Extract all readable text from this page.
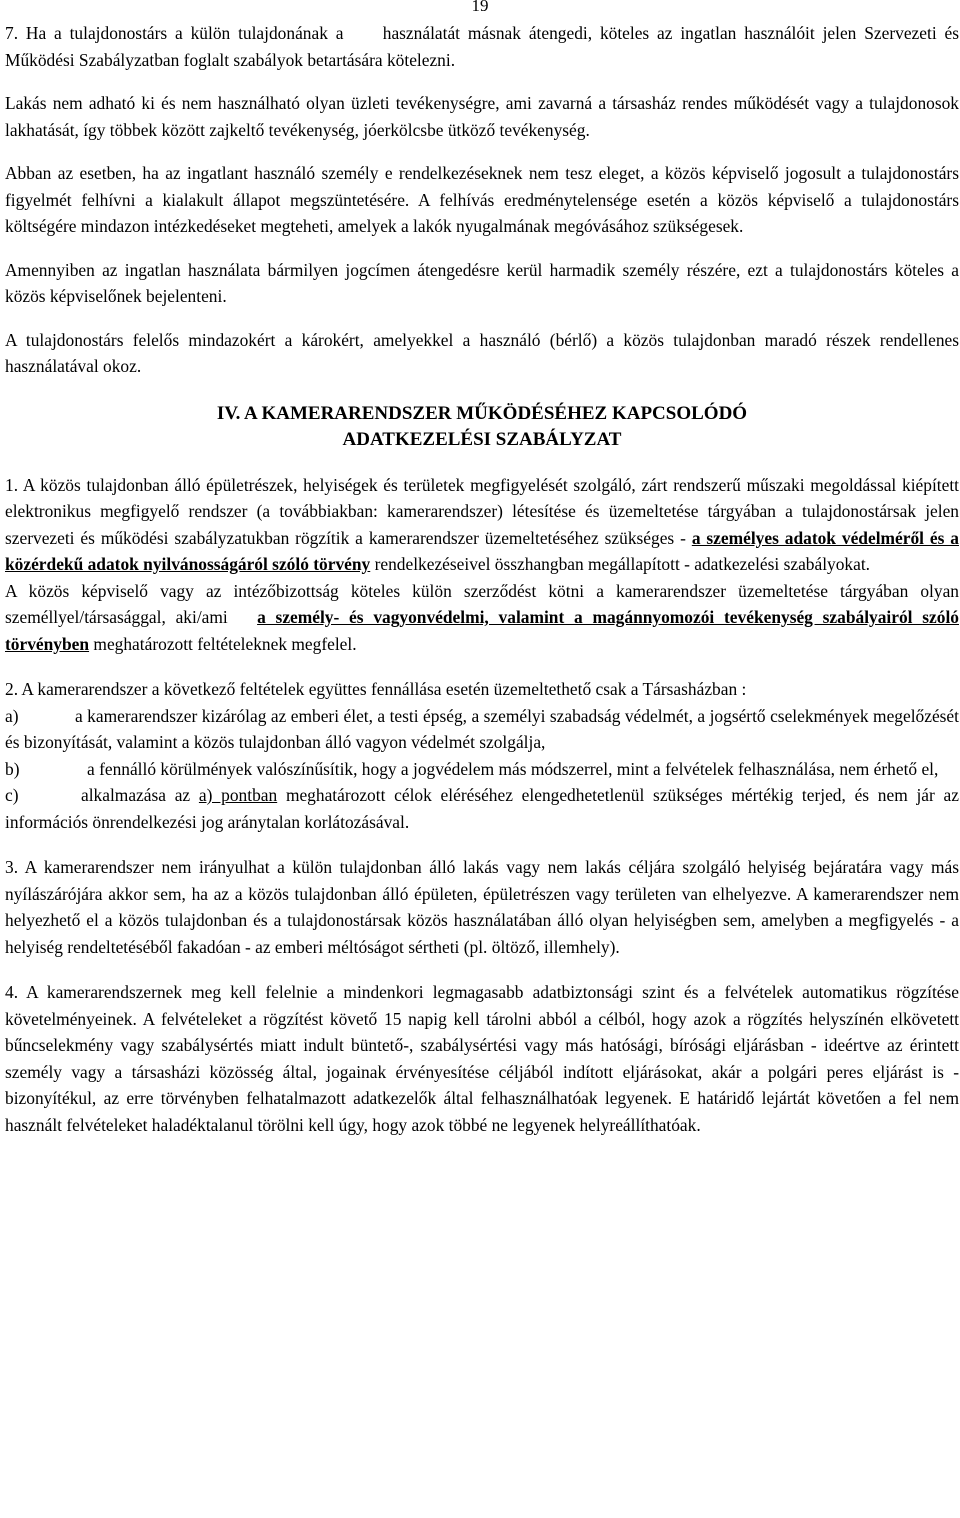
19

7. Ha a tulajdonostárs a külön tulajdonának a használatát másnak átengedi, köteles az ingatlan használóit jelen Szervezeti és Működési Szabályzatban foglalt szabályok betartására kötelezni.

Lakás nem adható ki és nem használható olyan üzleti tevékenységre, ami zavarná a társasház rendes működését vagy a tulajdonosok lakhatását, így többek között zajkeltő tevékenység, jóerkölcsbe ütköző tevékenység.

Abban az esetben, ha az ingatlant használó személy e rendelkezéseknek nem tesz eleget, a közös képviselő jogosult a tulajdonostárs figyelmét felhívni a kialakult állapot megszüntetésére. A felhívás eredménytelensége esetén a közös képviselő a tulajdonostárs költségére mindazon intézkedéseket megteheti, amelyek a lakók nyugalmának megóvásához szükségesek.

Amennyiben az ingatlan használata bármilyen jogcímen átengedésre kerül harmadik személy részére, ezt a tulajdonostárs köteles a közös képviselőnek bejelenteni.

A tulajdonostárs felelős mindazokért a károkért, amelyekkel a használó (bérlő) a közös tulajdonban maradó részek rendellenes használatával okoz.

IV. A KAMERARENDSZER MŰKÖDÉSÉHEZ KAPCSOLÓDÓ
ADATKEZELÉSI SZABÁLYZAT

1. A közös tulajdonban álló épületrészek, helyiségek és területek megfigyelését szolgáló, zárt rendszerű műszaki megoldással kiépített elektronikus megfigyelő rendszer (a továbbiakban: kamerarendszer) létesítése és üzemeltetése tárgyában a tulajdonostársak jelen szervezeti és működési szabályzatukban rögzítik a kamerarendszer üzemeltetéséhez szükséges - a személyes adatok védelméről és a közérdekű adatok nyilvánosságáról szóló törvény rendelkezéseivel összhangban megállapított - adatkezelési szabályokat.

A közös képviselő vagy az intézőbizottság köteles külön szerződést kötni a kamerarendszer üzemeltetése tárgyában olyan személlyel/társasággal, aki/ami a személy- és vagyonvédelmi, valamint a magánnyomozói tevékenység szabályairól szóló törvényben meghatározott feltételeknek megfelel.

2. A kamerarendszer a következő feltételek együttes fennállása esetén üzemeltethető csak a Társasházban :

a)	a kamerarendszer kizárólag az emberi élet, a testi épség, a személyi szabadság védelmét, a jogsértő cselekmények megelőzését és bizonyítását, valamint a közös tulajdonban álló vagyon védelmét szolgálja,

b)	a fennálló körülmények valószínűsítik, hogy a jogvédelem más módszerrel, mint a felvételek felhasználása, nem érhető el,

c)	alkalmazása az a) pontban meghatározott célok eléréséhez elengedhetetlenül szükséges mértékig terjed, és nem jár az információs önrendelkezési jog aránytalan korlátozásával.

3. A kamerarendszer nem irányulhat a külön tulajdonban álló lakás vagy nem lakás céljára szolgáló helyiség bejáratára vagy más nyílászárójára akkor sem, ha az a közös tulajdonban álló épületen, épületrészen vagy területen van elhelyezve. A kamerarendszer nem helyezhető el a közös tulajdonban és a tulajdonostársak közös használatában álló olyan helyiségben sem, amelyben a megfigyelés - a helyiség rendeltetéséből fakadóan - az emberi méltóságot sértheti (pl. öltöző, illemhely).

4. A kamerarendszernek meg kell felelnie a mindenkori legmagasabb adatbiztonsági szint és a felvételek automatikus rögzítése követelményeinek. A felvételeket a rögzítést követő 15 napig kell tárolni abból a célból, hogy azok a rögzítés helyszínén elkövetett bűncselekmény vagy szabálysértés miatt indult büntető-, szabálysértési vagy más hatósági, bírósági eljárásban - ideértve az érintett személy vagy a társasházi közösség által, jogainak érvényesítése céljából indított eljárásokat, akár a polgári peres eljárást is - bizonyítékul, az erre törvényben felhatalmazott adatkezelők által felhasználhatóak legyenek. E határidő lejártát követően a fel nem használt felvételeket haladéktalanul törölni kell úgy, hogy azok többé ne legyenek helyreállíthatóak.
